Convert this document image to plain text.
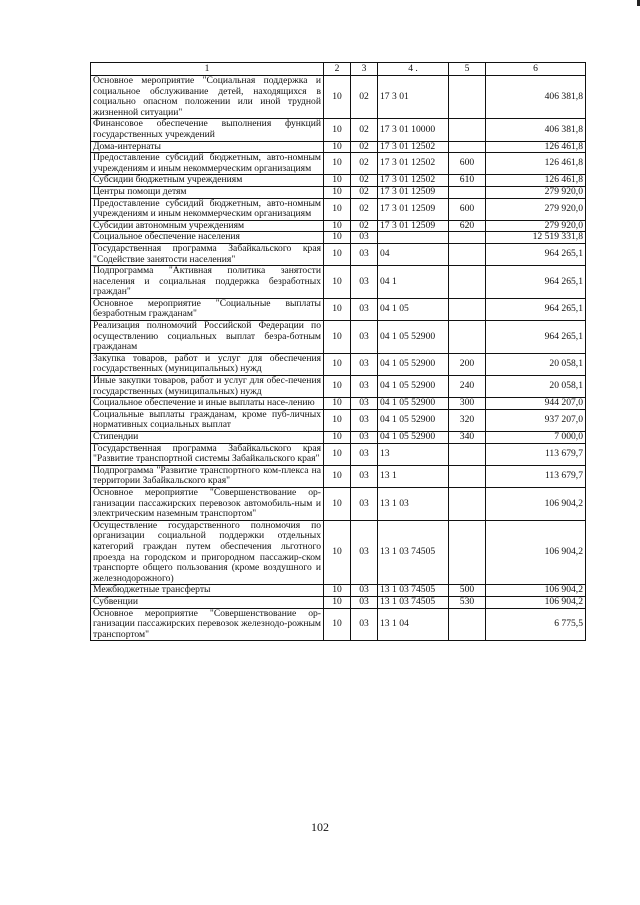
1	2	3	4 .	5	6
Основное мероприятие "Социальная поддержка и социальное обслуживание детей, находящихся в социально опасном положении или иной трудной жизненной ситуации"	10	02	17 3 01		406 381,8
Финансовое обеспечение выполнения функций государственных учреждений	10	02	17 3 01 10000		406 381,8
Дома-интернаты	10	02	17 3 01 12502		126 461,8
Предоставление субсидий бюджетным, авто-номным учреждениям и иным некоммерческим организациям	10	02	17 3 01 12502	600	126 461,8
Субсидии бюджетным учреждениям	10	02	17 3 01 12502	610	126 461,8
Центры помощи детям	10	02	17 3 01 12509		279 920,0
Предоставление субсидий бюджетным, авто-номным учреждениям и иным некоммерческим организациям	10	02	17 3 01 12509	600	279 920,0
Субсидии автономным учреждениям	10	02	17 3 01 12509	620	279 920,0
Социальное обеспечение населения	10	03			12 519 331,8
Государственная программа Забайкальского края "Содействие занятости населения"	10	03	04		964 265,1
Подпрограмма "Активная политика занятости населения и социальная поддержка безработных граждан"	10	03	04 1		964 265,1
Основное мероприятие "Социальные выплаты безработным гражданам"	10	03	04 1 05		964 265,1
Реализация полномочий Российской Федерации по осуществлению социальных выплат безра-ботным гражданам	10	03	04 1 05 52900		964 265,1
Закупка товаров, работ и услуг для обеспечения государственных (муниципальных) нужд	10	03	04 1 05 52900	200	20 058,1
Иные закупки товаров, работ и услуг для обес-печения государственных (муниципальных) нужд	10	03	04 1 05 52900	240	20 058,1
Социальное обеспечение и иные выплаты насе-лению	10	03	04 1 05 52900	300	944 207,0
Социальные выплаты гражданам, кроме пуб-личных нормативных социальных выплат	10	03	04 1 05 52900	320	937 207,0
Стипендии	10	03	04 1 05 52900	340	7 000,0
Государственная программа Забайкальского края "Развитие транспортной системы Забайкальского края"	10	03	13		113 679,7
Подпрограмма "Развитие транспортного ком-плекса на территории Забайкальского края"	10	03	13 1		113 679,7
Основное мероприятие "Совершенствование ор-ганизации пассажирских перевозок автомобиль-ным и электрическим наземным транспортом"	10	03	13 1 03		106 904,2
Осуществление государственного полномочия по организации социальной поддержки отдельных категорий граждан путем обеспечения льготного проезда на городском и пригородном пассажир-ском транспорте общего пользования (кроме воздушного и железнодорожного)	10	03	13 1 03 74505		106 904,2
Межбюджетные трансферты	10	03	13 1 03 74505	500	106 904,2
Субвенции	10	03	13 1 03 74505	530	106 904,2
Основное мероприятие "Совершенствование ор-ганизации пассажирских перевозок железнодо-рожным транспортом"	10	03	13 1 04		6 775,5
102
